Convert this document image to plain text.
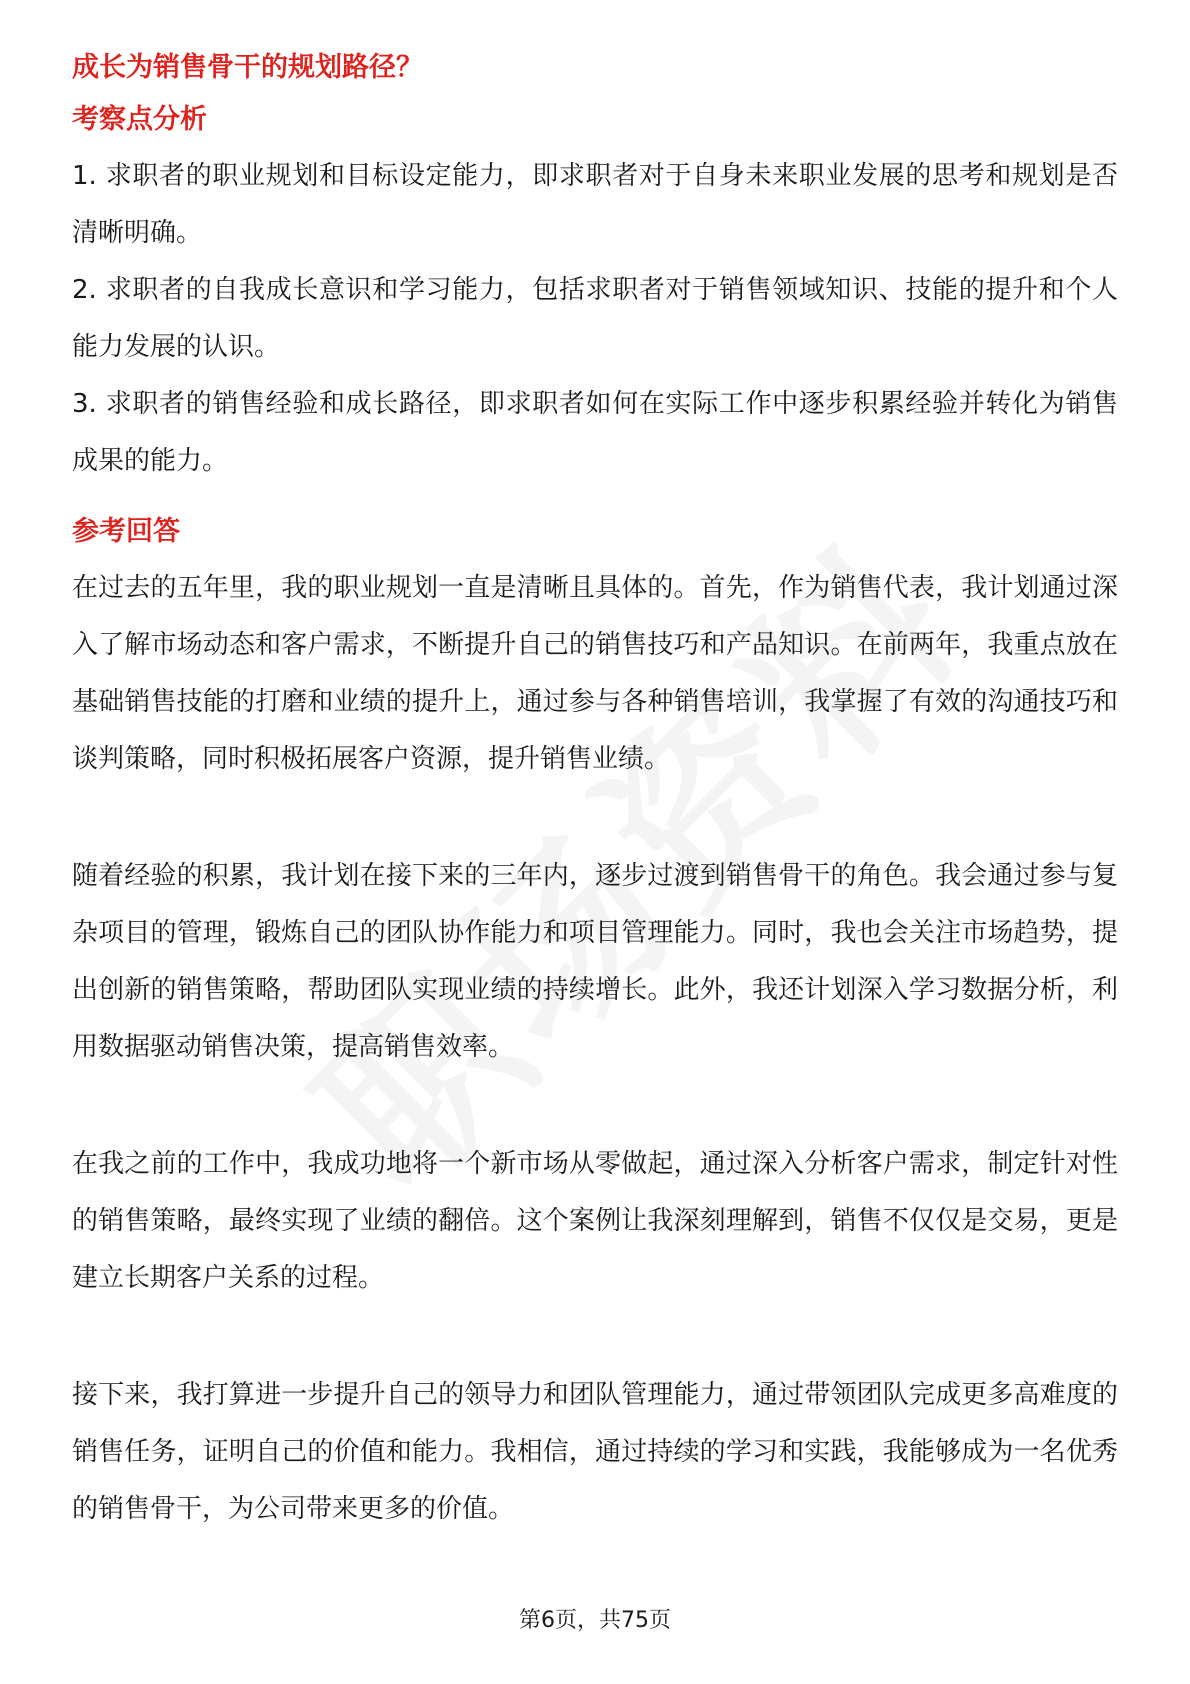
成长为销售骨干的规划路径？
考察点分析

1. 求职者的职业规划和目标设定能力，即求职者对于自身未来职业发展的思考和规划是否清晰明确。

2. 求职者的自我成长意识和学习能力，包括求职者对于销售领域知识、技能的提升和个人能力发展的认识。

3. 求职者的销售经验和成长路径，即求职者如何在实际工作中逐步积累经验并转化为销售成果的能力。

参考回答

在过去的五年里，我的职业规划一直是清晰且具体的。首先，作为销售代表，我计划通过深入了解市场动态和客户需求，不断提升自己的销售技巧和产品知识。在前两年，我重点放在基础销售技能的打磨和业绩的提升上，通过参与各种销售培训，我掌握了有效的沟通技巧和谈判策略，同时积极拓展客户资源，提升销售业绩。

随着经验的积累，我计划在接下来的三年内，逐步过渡到销售骨干的角色。我会通过参与复杂项目的管理，锻炼自己的团队协作能力和项目管理能力。同时，我也会关注市场趋势，提出创新的销售策略，帮助团队实现业绩的持续增长。此外，我还计划深入学习数据分析，利用数据驱动销售决策，提高销售效率。

在我之前的工作中，我成功地将一个新市场从零做起，通过深入分析客户需求，制定针对性的销售策略，最终实现了业绩的翻倍。这个案例让我深刻理解到，销售不仅仅是交易，更是建立长期客户关系的过程。

接下来，我打算进一步提升自己的领导力和团队管理能力，通过带领团队完成更多高难度的销售任务，证明自己的价值和能力。我相信，通过持续的学习和实践，我能够成为一名优秀的销售骨干，为公司带来更多的价值。

第6页，共75页
